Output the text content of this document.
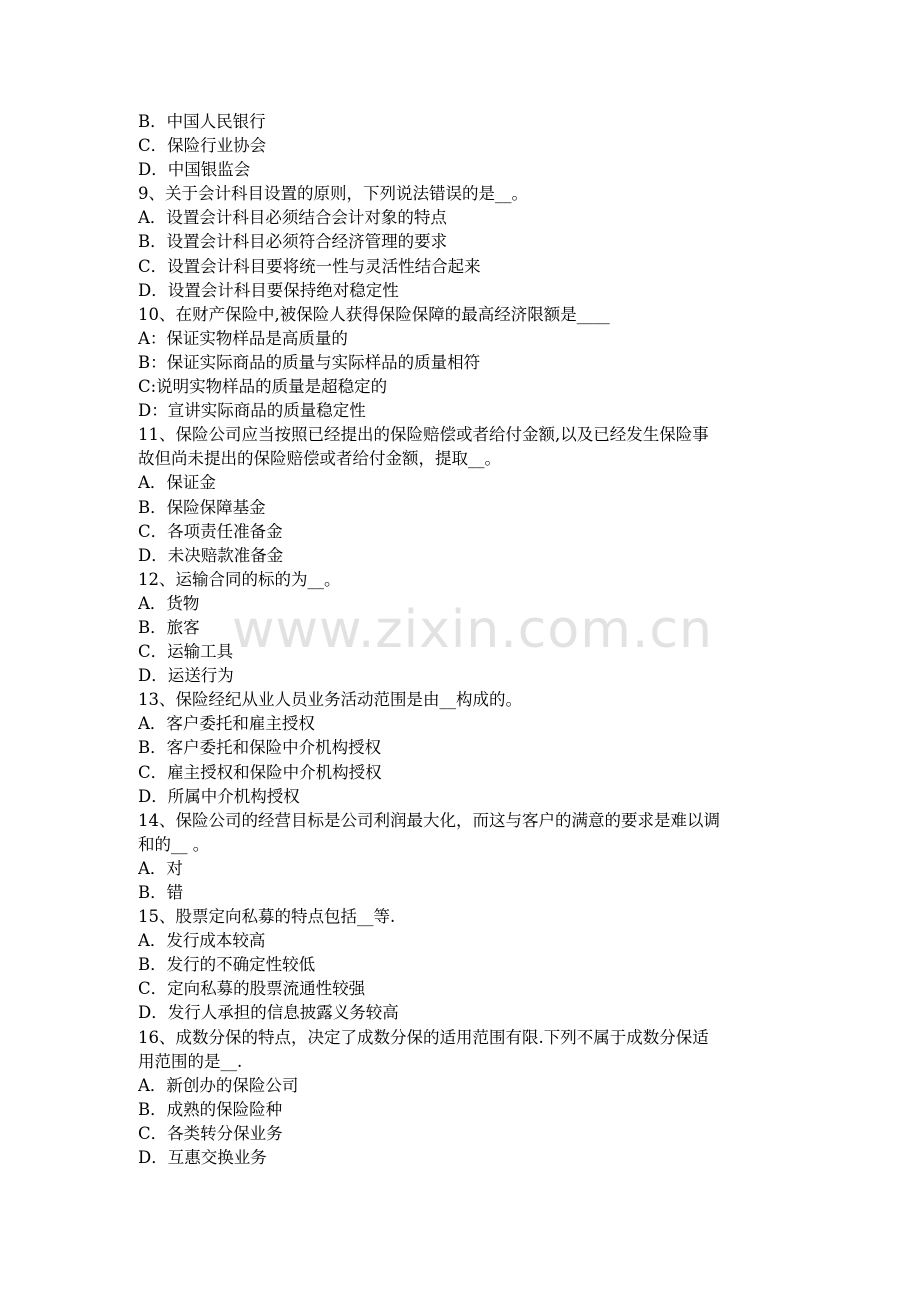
B．中国人民银行
C．保险行业协会
D．中国银监会
9、关于会计科目设置的原则，下列说法错误的是__。
A．设置会计科目必须结合会计对象的特点
B．设置会计科目必须符合经济管理的要求
C．设置会计科目要将统一性与灵活性结合起来
D．设置会计科目要保持绝对稳定性
10、在财产保险中,被保险人获得保险保障的最高经济限额是____
A：保证实物样品是高质量的
B：保证实际商品的质量与实际样品的质量相符
C:说明实物样品的质量是超稳定的
D：宣讲实际商品的质量稳定性
11、保险公司应当按照已经提出的保险赔偿或者给付金额,以及已经发生保险事
故但尚未提出的保险赔偿或者给付金额，提取__。
A．保证金
B．保险保障基金
C．各项责任准备金
D．未决赔款准备金
12、运输合同的标的为__。
A．货物
B．旅客
C．运输工具
D．运送行为
13、保险经纪从业人员业务活动范围是由__构成的。
A．客户委托和雇主授权
B．客户委托和保险中介机构授权
C．雇主授权和保险中介机构授权
D．所属中介机构授权
14、保险公司的经营目标是公司利润最大化，而这与客户的满意的要求是难以调
和的__ 。
A．对
B．错
15、股票定向私募的特点包括__等.
A．发行成本较高
B．发行的不确定性较低
C．定向私募的股票流通性较强
D．发行人承担的信息披露义务较高
16、成数分保的特点，决定了成数分保的适用范围有限.下列不属于成数分保适
用范围的是__.
A．新创办的保险公司
B．成熟的保险险种
C．各类转分保业务
D．互惠交换业务
www.zixin.com.cn
